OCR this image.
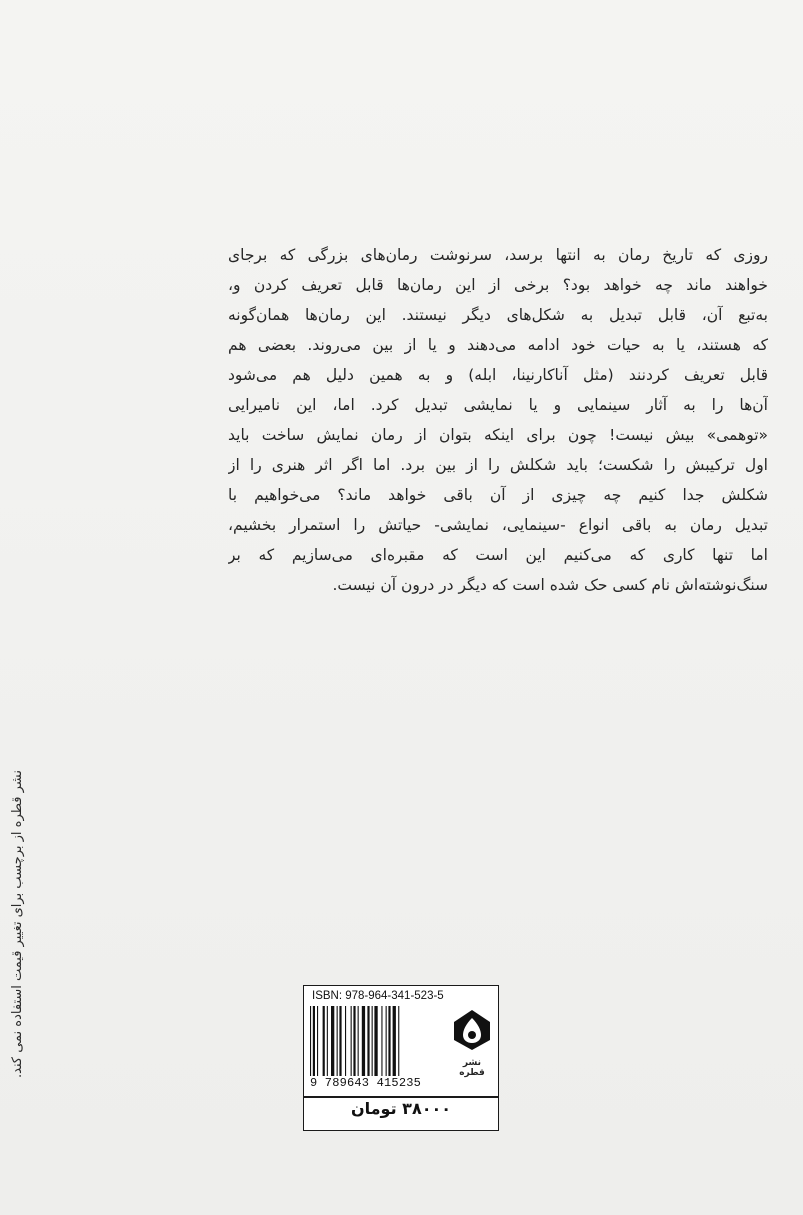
روزی که تاریخ رمان به انتها برسد، سرنوشت رمان‌های بزرگی که برجای
خواهند ماند چه خواهد بود؟ برخی از این رمان‌ها قابل تعریف کردن و،
به‌تبع آن، قابل تبدیل به شکل‌های دیگر نیستند. این رمان‌ها همان‌گونه
که هستند، یا به حیات خود ادامه می‌دهند و یا از بین می‌روند. بعضی هم
قابل تعریف کردنند (مثل آناکارنینا، ابله) و به همین دلیل هم می‌شود
آن‌ها را به آثار سینمایی و یا نمایشی تبدیل کرد. اما، این نامیرایی
«توهمی» بیش نیست! چون برای اینکه بتوان از رمان نمایش ساخت باید
اول ترکیبش را شکست؛ باید شکلش را از بین برد. اما اگر اثر هنری را از
شکلش جدا کنیم چه چیزی از آن باقی خواهد ماند؟ می‌خواهیم با
تبدیل رمان به باقی انواع -سینمایی، نمایشی- حیاتش را استمرار بخشیم،
اما تنها کاری که می‌کنیم این است که مقبره‌ای می‌سازیم که بر
سنگ‌نوشته‌اش نام کسی حک شده است که دیگر در درون آن نیست.
نشر قطره از برچسب برای تغییر قیمت استفاده نمی کند.	ISBN: 978-964-341-523-5
9 789643 415235
نشر قطره
۳۸۰۰۰ تومان
